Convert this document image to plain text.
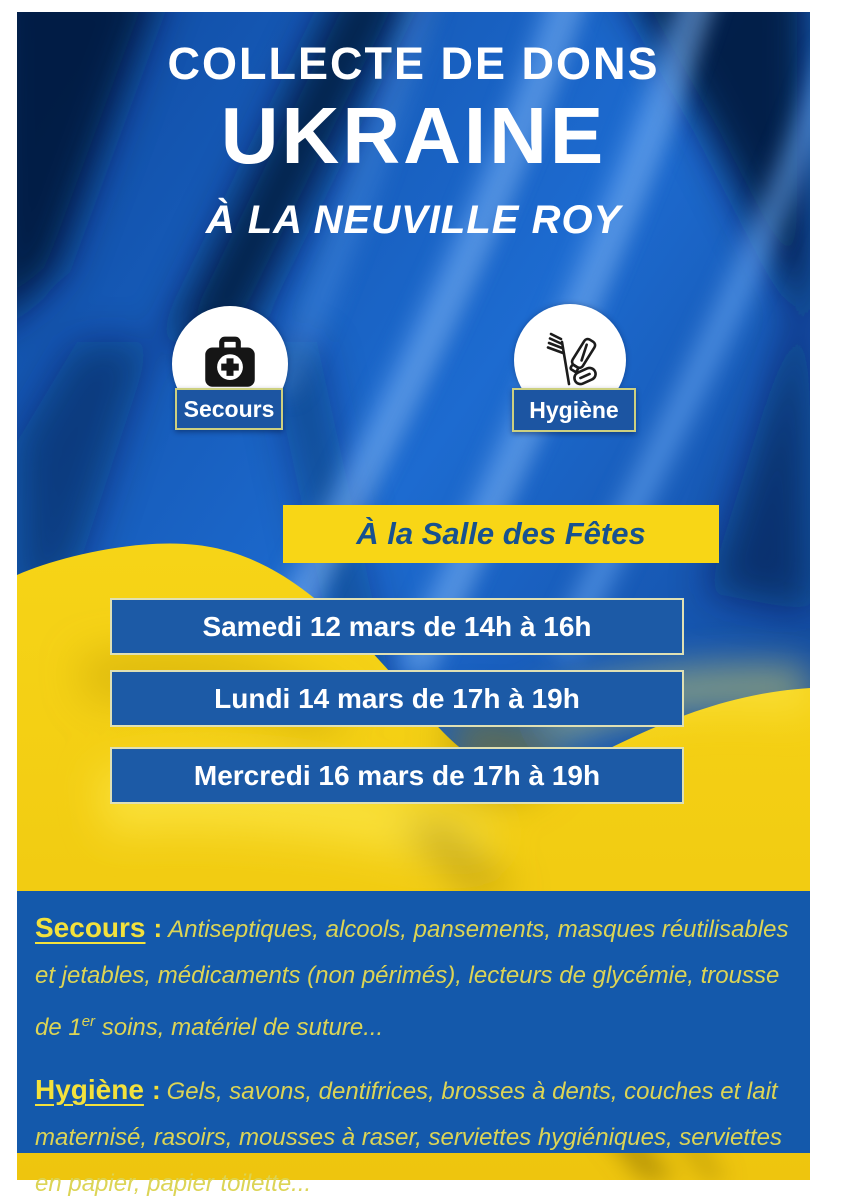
COLLECTE DE DONS
UKRAINE
À LA NEUVILLE ROY
Secours	Hygiène
À la Salle des Fêtes
Samedi 12 mars de 14h à 16h
Lundi 14 mars de 17h à 19h
Mercredi 16 mars de 17h à 19h

Secours : Antiseptiques, alcools, pansements, masques réutilisables et jetables, médicaments (non périmés), lecteurs de glycémie, trousse de 1er soins, matériel de suture...

Hygiène : Gels, savons, dentifrices, brosses à dents, couches et lait maternisé, rasoirs, mousses à raser, serviettes hygiéniques, serviettes en papier, papier toilette...
